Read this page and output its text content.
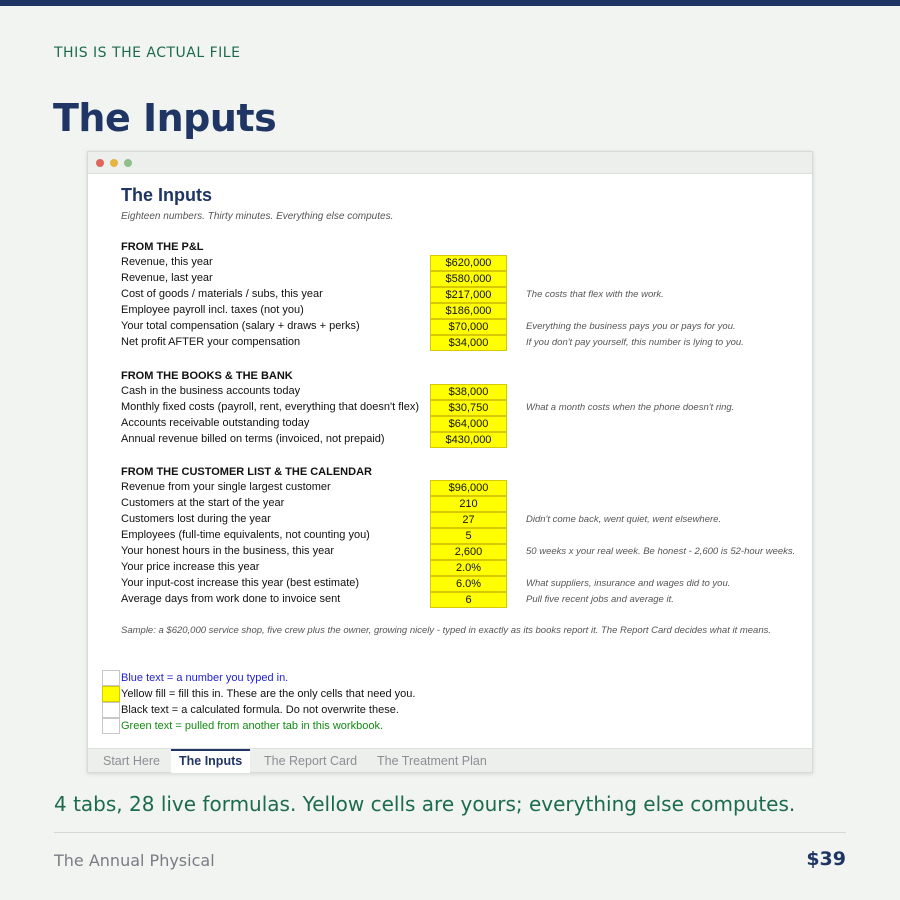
THIS IS THE ACTUAL FILE
The Inputs
The Inputs
Eighteen numbers. Thirty minutes. Everything else computes.
FROM THE P&L
Revenue, this year	$620,000
Revenue, last year	$580,000
Cost of goods / materials / subs, this year	$217,000	The costs that flex with the work.
Employee payroll incl. taxes (not you)	$186,000
Your total compensation (salary + draws + perks)	$70,000	Everything the business pays you or pays for you.
Net profit AFTER your compensation	$34,000	If you don't pay yourself, this number is lying to you.
FROM THE BOOKS & THE BANK
Cash in the business accounts today	$38,000
Monthly fixed costs (payroll, rent, everything that doesn't flex)	$30,750	What a month costs when the phone doesn't ring.
Accounts receivable outstanding today	$64,000
Annual revenue billed on terms (invoiced, not prepaid)	$430,000
FROM THE CUSTOMER LIST & THE CALENDAR
Revenue from your single largest customer	$96,000
Customers at the start of the year	210
Customers lost during the year	27	Didn't come back, went quiet, went elsewhere.
Employees (full-time equivalents, not counting you)	5
Your honest hours in the business, this year	2,600	50 weeks x your real week. Be honest - 2,600 is 52-hour weeks.
Your price increase this year	2.0%
Your input-cost increase this year (best estimate)	6.0%	What suppliers, insurance and wages did to you.
Average days from work done to invoice sent	6	Pull five recent jobs and average it.
Sample: a $620,000 service shop, five crew plus the owner, growing nicely - typed in exactly as its books report it. The Report Card decides what it means.
Blue text = a number you typed in.
Yellow fill = fill this in. These are the only cells that need you.
Black text = a calculated formula. Do not overwrite these.
Green text = pulled from another tab in this workbook.
Start Here	The Inputs	The Report Card	The Treatment Plan
4 tabs, 28 live formulas. Yellow cells are yours; everything else computes.
The Annual Physical	$39
